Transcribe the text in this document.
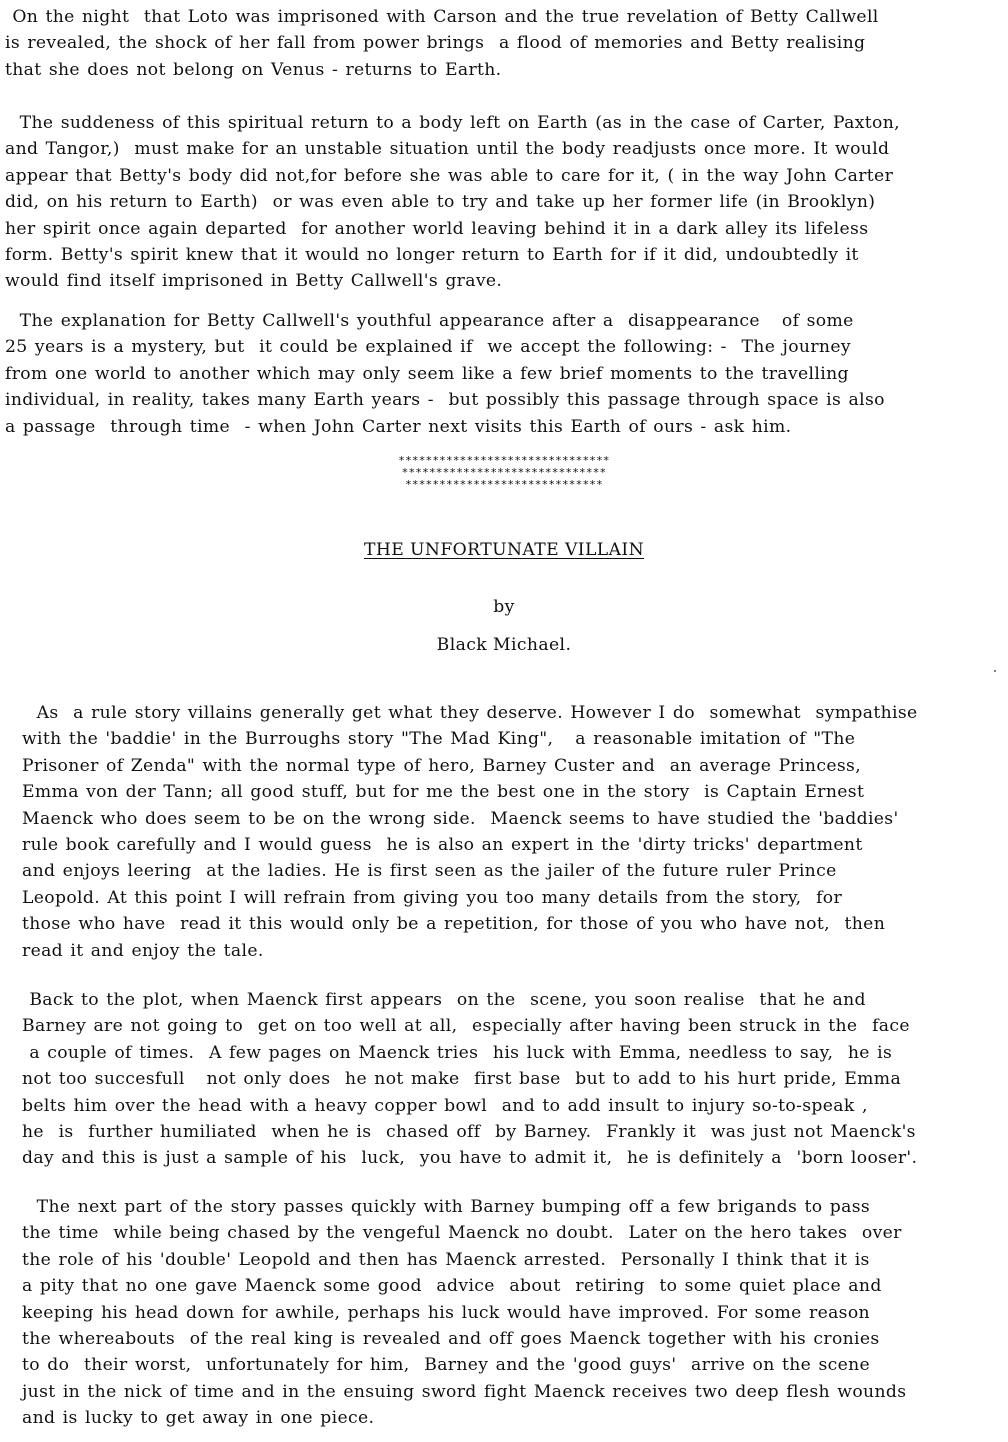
On the night  that Loto was imprisoned with Carson and the true revelation of Betty Callwell
is revealed, the shock of her fall from power brings  a flood of memories and Betty realising
that she does not belong on Venus - returns to Earth.

The suddeness of this spiritual return to a body left on Earth (as in the case of Carter, Paxton,
and Tangor,)  must make for an unstable situation until the body readjusts once more. It would
appear that Betty's body did not,for before she was able to care for it, ( in the way John Carter
did, on his return to Earth)  or was even able to try and take up her former life (in Brooklyn)
her spirit once again departed  for another world leaving behind it in a dark alley its lifeless
form. Betty's spirit knew that it would no longer return to Earth for if it did, undoubtedly it
would find itself imprisoned in Betty Callwell's grave.

The explanation for Betty Callwell's youthful appearance after a  disappearance   of some
25 years is a mystery, but  it could be explained if  we accept the following: -  The journey
from one world to another which may only seem like a few brief moments to the travelling
individual, in reality, takes many Earth years -  but possibly this passage through space is also
a passage  through time  - when John Carter next visits this Earth of ours - ask him.

*******************************
******************************
*****************************
THE UNFORTUNATE VILLAIN
by
Black Michael.

As  a rule story villains generally get what they deserve. However I do  somewhat  sympathise
with the 'baddie' in the Burroughs story "The Mad King",   a reasonable imitation of "The
Prisoner of Zenda" with the normal type of hero, Barney Custer and  an average Princess,
Emma von der Tann; all good stuff, but for me the best one in the story  is Captain Ernest
Maenck who does seem to be on the wrong side.  Maenck seems to have studied the 'baddies'
rule book carefully and I would guess  he is also an expert in the 'dirty tricks' department
and enjoys leering  at the ladies. He is first seen as the jailer of the future ruler Prince
Leopold. At this point I will refrain from giving you too many details from the story,  for
those who have  read it this would only be a repetition, for those of you who have not,  then
read it and enjoy the tale.

Back to the plot, when Maenck first appears  on the  scene, you soon realise  that he and
Barney are not going to  get on too well at all,  especially after having been struck in the  face
a couple of times.  A few pages on Maenck tries  his luck with Emma, needless to say,  he is
not too succesfull   not only does  he not make  first base  but to add to his hurt pride, Emma
belts him over the head with a heavy copper bowl  and to add insult to injury so-to-speak ,
he  is  further humiliated  when he is  chased off  by Barney.  Frankly it  was just not Maenck's
day and this is just a sample of his  luck,  you have to admit it,  he is definitely a  'born looser'.

The next part of the story passes quickly with Barney bumping off a few brigands to pass
the time  while being chased by the vengeful Maenck no doubt.  Later on the hero takes  over
the role of his 'double' Leopold and then has Maenck arrested.  Personally I think that it is
a pity that no one gave Maenck some good  advice  about  retiring  to some quiet place and
keeping his head down for awhile, perhaps his luck would have improved. For some reason
the whereabouts  of the real king is revealed and off goes Maenck together with his cronies
to do  their worst,  unfortunately for him,  Barney and the 'good guys'  arrive on the scene
just in the nick of time and in the ensuing sword fight Maenck receives two deep flesh wounds
and is lucky to get away in one piece.
